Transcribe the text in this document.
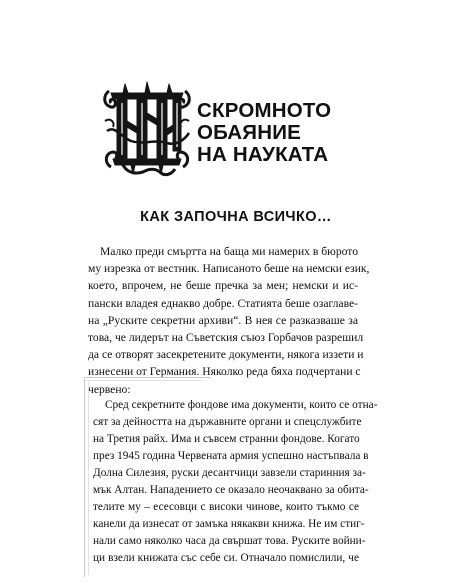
СКРОМНОТО
ОБАЯНИЕ
НА НАУКАТА
КАК ЗАПОЧНА ВСИЧКО…
Малко преди смъртта на баща ми намерих в бюрото
му изрезка от вестник. Написаното беше на немски език,
което, впрочем, не беше пречка за мен; немски и ис-
пански владея еднакво добре. Статията беше озаглаве-
на „Руските секретни архиви“. В нея се разказваше за
това, че лидерът на Съветския съюз Горбачов разрешил
да се отворят засекретените документи, някога иззети и
изнесени от Германия. Няколко реда бяха подчертани с
червено:
Сред секретните фондове има документи, които се отна-
сят за дейността на държавните органи и спецслужбите
на Третия райх. Има и съвсем странни фондове. Когато
през 1945 година Червената армия успешно настъпвала в
Долна Силезия, руски десантчици завзели старинния за-
мък Алтан. Нападението се оказало неочаквано за обита-
телите му – есесовци с високи чинове, които тъкмо се
канели да изнесат от замъка някакви книжа. Не им стиг-
нали само няколко часа да свършат това. Руските войни-
ци взели книжата със себе си. Отначало помислили, че
